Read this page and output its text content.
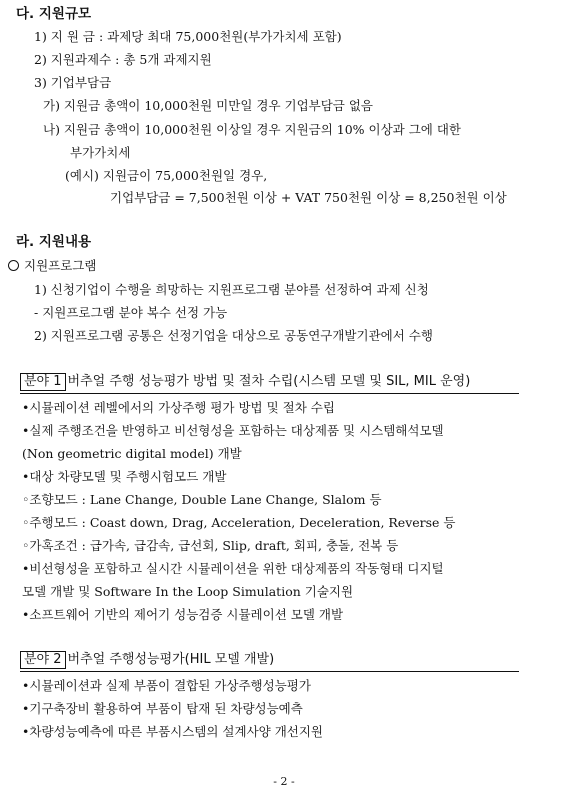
다. 지원규모
1) 지 원 금 : 과제당 최대 75,000천원(부가가치세 포함)
2) 지원과제수 : 총 5개 과제지원
3) 기업부담금
가) 지원금 총액이 10,000천원 미만일 경우 기업부담금 없음
나) 지원금 총액이 10,000천원 이상일 경우 지원금의 10% 이상과 그에 대한
부가가치세
(예시) 지원금이 75,000천원일 경우,
기업부담금 = 7,500천원 이상 + VAT 750천원 이상 = 8,250천원 이상
라. 지원내용
지원프로그램
1) 신청기업이 수행을 희망하는 지원프로그램 분야를 선정하여 과제 신청
- 지원프로그램 분야 복수 선정 가능
2) 지원프로그램 공통은 선정기업을 대상으로 공동연구개발기관에서 수행
분야 1 버추얼 주행 성능평가 방법 및 절차 수립(시스템 모델 및 SIL, MIL 운영)
•시뮬레이션 레벨에서의 가상주행 평가 방법 및 절차 수립
•실제 주행조건을 반영하고 비선형성을 포함하는 대상제품 및 시스템해석모델
(Non geometric digital model) 개발
•대상 차량모델 및 주행시험모드 개발
◦조향모드 : Lane Change, Double Lane Change, Slalom 등
◦주행모드 : Coast down, Drag, Acceleration, Deceleration, Reverse 등
◦가혹조건 : 급가속, 급감속, 급선회, Slip, draft, 회피, 충돌, 전복 등
•비선형성을 포함하고 실시간 시뮬레이션을 위한 대상제품의 작동형태 디지털
모델 개발 및 Software In the Loop Simulation 기술지원
•소프트웨어 기반의 제어기 성능검증 시뮬레이션 모델 개발
분야 2 버추얼 주행성능평가(HIL 모델 개발)
•시뮬레이션과 실제 부품이 결합된 가상주행성능평가
•기구축장비 활용하여 부품이 탑재 된 차량성능예측
•차량성능예측에 따른 부품시스템의 설계사양 개선지원
- 2 -
